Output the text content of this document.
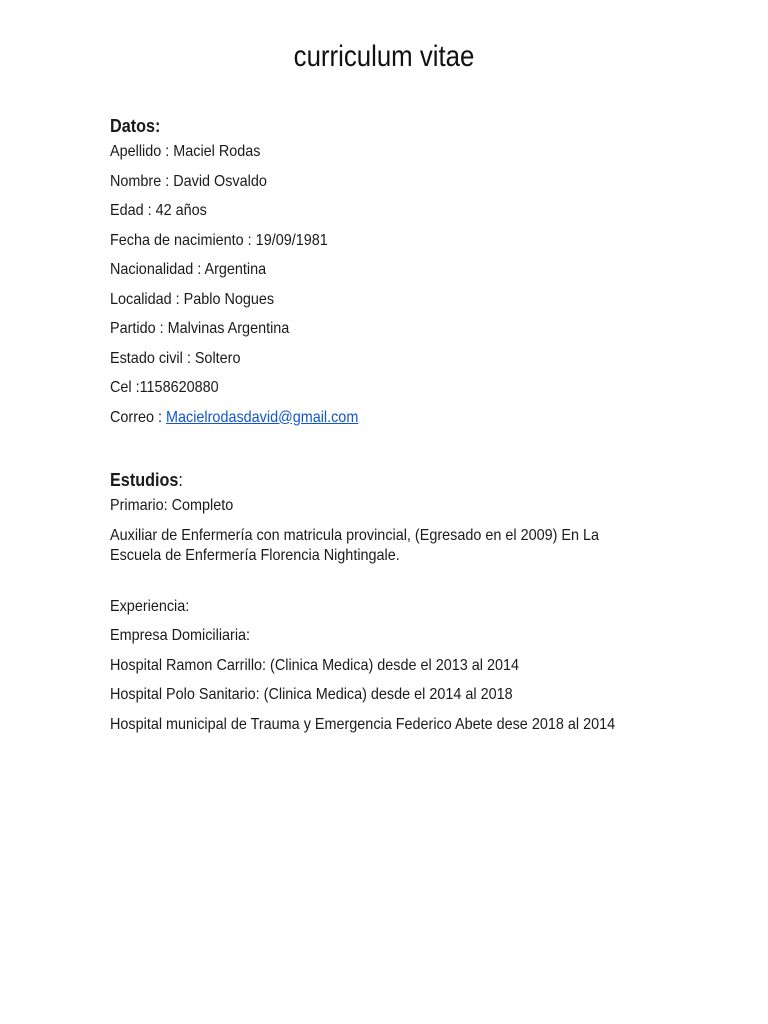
curriculum vitae

Datos:

Apellido : Maciel Rodas

Nombre : David Osvaldo

Edad : 42 años

Fecha de nacimiento : 19/09/1981

Nacionalidad : Argentina

Localidad : Pablo Nogues

Partido : Malvinas Argentina

Estado civil : Soltero

Cel :1158620880

Correo : Macielrodasdavid@gmail.com

Estudios:

Primario: Completo

Auxiliar de Enfermería con matricula provincial, (Egresado en el 2009) En La Escuela de Enfermería Florencia Nightingale.

Experiencia:

Empresa Domiciliaria:

Hospital Ramon Carrillo: (Clinica Medica) desde el 2013 al 2014

Hospital Polo Sanitario: (Clinica Medica) desde el 2014 al 2018

Hospital municipal de Trauma y Emergencia Federico Abete dese 2018 al 2014
